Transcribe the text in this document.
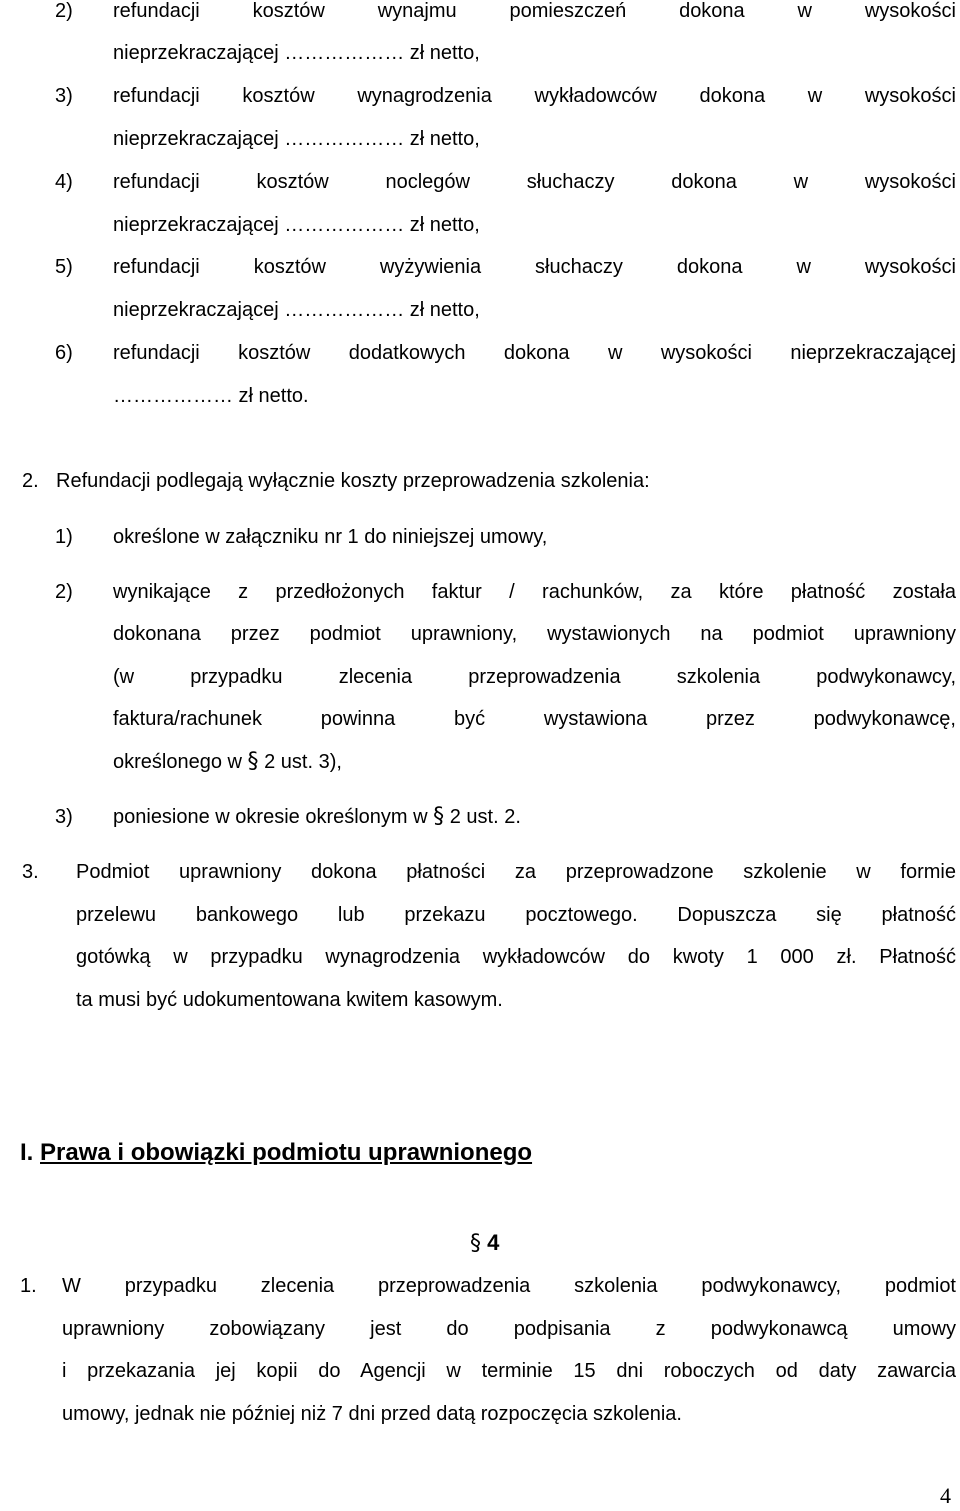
2) refundacji kosztów wynajmu pomieszczeń dokona w wysokości
nieprzekraczającej ……………… zł netto,
3) refundacji kosztów wynagrodzenia wykładowców dokona w wysokości
nieprzekraczającej ……………… zł netto,
4) refundacji kosztów noclegów słuchaczy dokona w wysokości
nieprzekraczającej ……………… zł netto,
5) refundacji kosztów wyżywienia słuchaczy dokona w wysokości
nieprzekraczającej ……………… zł netto,
6) refundacji kosztów dodatkowych dokona w wysokości nieprzekraczającej
……………… zł netto.
2. Refundacji podlegają wyłącznie koszty przeprowadzenia szkolenia:
1) określone w załączniku nr 1 do niniejszej umowy,
2) wynikające z przedłożonych faktur / rachunków, za które płatność została
dokonana przez podmiot uprawniony, wystawionych na podmiot uprawniony
(w przypadku zlecenia przeprowadzenia szkolenia podwykonawcy,
faktura/rachunek powinna być wystawiona przez podwykonawcę,
określonego w § 2 ust. 3),
3) poniesione w okresie określonym w § 2 ust. 2.
3. Podmiot uprawniony dokona płatności za przeprowadzone szkolenie w formie
przelewu bankowego lub przekazu pocztowego. Dopuszcza się płatność
gotówką w przypadku wynagrodzenia wykładowców do kwoty 1 000 zł. Płatność
ta musi być udokumentowana kwitem kasowym.
I. Prawa i obowiązki podmiotu uprawnionego
§ 4
1. W przypadku zlecenia przeprowadzenia szkolenia podwykonawcy, podmiot
uprawniony zobowiązany jest do podpisania z podwykonawcą umowy
i przekazania jej kopii do Agencji w terminie 15 dni roboczych od daty zawarcia
umowy, jednak nie później niż 7 dni przed datą rozpoczęcia szkolenia.
4
